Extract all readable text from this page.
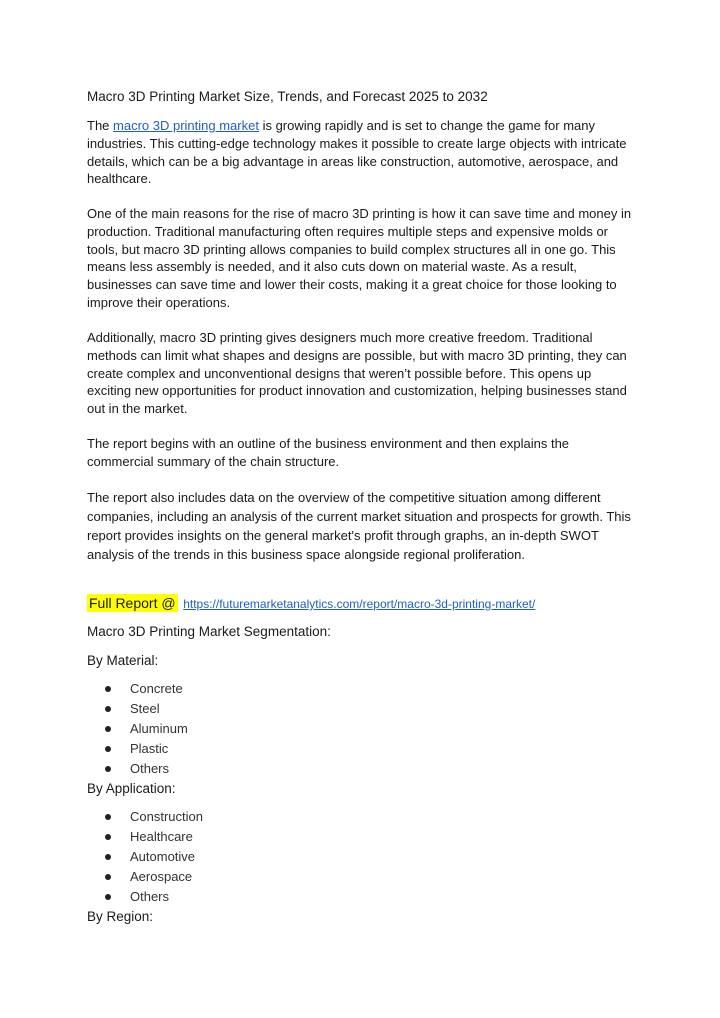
Macro 3D Printing Market Size, Trends, and Forecast 2025 to 2032

The macro 3D printing market is growing rapidly and is set to change the game for many industries. This cutting-edge technology makes it possible to create large objects with intricate details, which can be a big advantage in areas like construction, automotive, aerospace, and healthcare.

One of the main reasons for the rise of macro 3D printing is how it can save time and money in production. Traditional manufacturing often requires multiple steps and expensive molds or tools, but macro 3D printing allows companies to build complex structures all in one go. This means less assembly is needed, and it also cuts down on material waste. As a result, businesses can save time and lower their costs, making it a great choice for those looking to improve their operations.

Additionally, macro 3D printing gives designers much more creative freedom. Traditional methods can limit what shapes and designs are possible, but with macro 3D printing, they can create complex and unconventional designs that weren’t possible before. This opens up exciting new opportunities for product innovation and customization, helping businesses stand out in the market.

The report begins with an outline of the business environment and then explains the commercial summary of the chain structure.

The report also includes data on the overview of the competitive situation among different companies, including an analysis of the current market situation and prospects for growth. This report provides insights on the general market's profit through graphs, an in-depth SWOT analysis of the trends in this business space alongside regional proliferation.

Full Report @ https://futuremarketanalytics.com/report/macro-3d-printing-market/
Macro 3D Printing Market Segmentation:
By Material:
Concrete
Steel
Aluminum
Plastic
Others
By Application:
Construction
Healthcare
Automotive
Aerospace
Others
By Region:
